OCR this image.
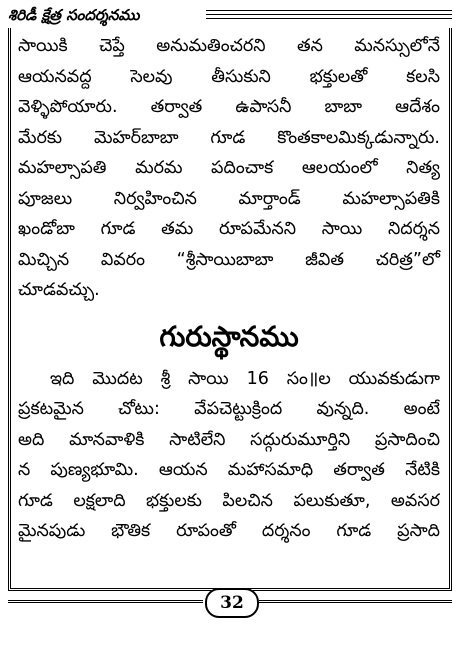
శిరిడీ క్షేత్ర సందర్శనము
సాయికి చెప్తే అనుమతించరని తన మనస్సులోనే
ఆయనవద్ద సెలవు తీసుకుని భక్తులతో కలసి
వెళ్ళిపోయారు. తర్వాత ఉపాసనీ బాబా ఆదేశం
మేరకు మెహర్‌బాబా గూడ కొంతకాలమిక్కడున్నారు.
మహల్సాపతి మరమ పదించాక ఆలయంలో నిత్య
పూజలు నిర్వహించిన మార్తాండ్ మహల్సాపతికి
ఖండోబా గూడ తమ రూపమేనని సాయి నిదర్శన
మిచ్చిన వివరం “శ్రీసాయిబాబా జీవిత చరిత్ర”లో
చూడవచ్చు.
గురుస్థానము
ఇది మొదట శ్రీ సాయి 16 సం॥ల యువకుడుగా
ప్రకటమైన చోటు: వేపచెట్టుక్రింద వున్నది. అంటే
అది మానవాళికి సాటిలేని సద్గురుమూర్తిని ప్రసాదించి
న పుణ్యభూమి. ఆయన మహాసమాధి తర్వాత నేటికి
గూడ లక్షలాది భక్తులకు పిలచిన పలుకుతూ, అవసర
మైనపుడు భౌతిక రూపంతో దర్శనం గూడ ప్రసాది
32
